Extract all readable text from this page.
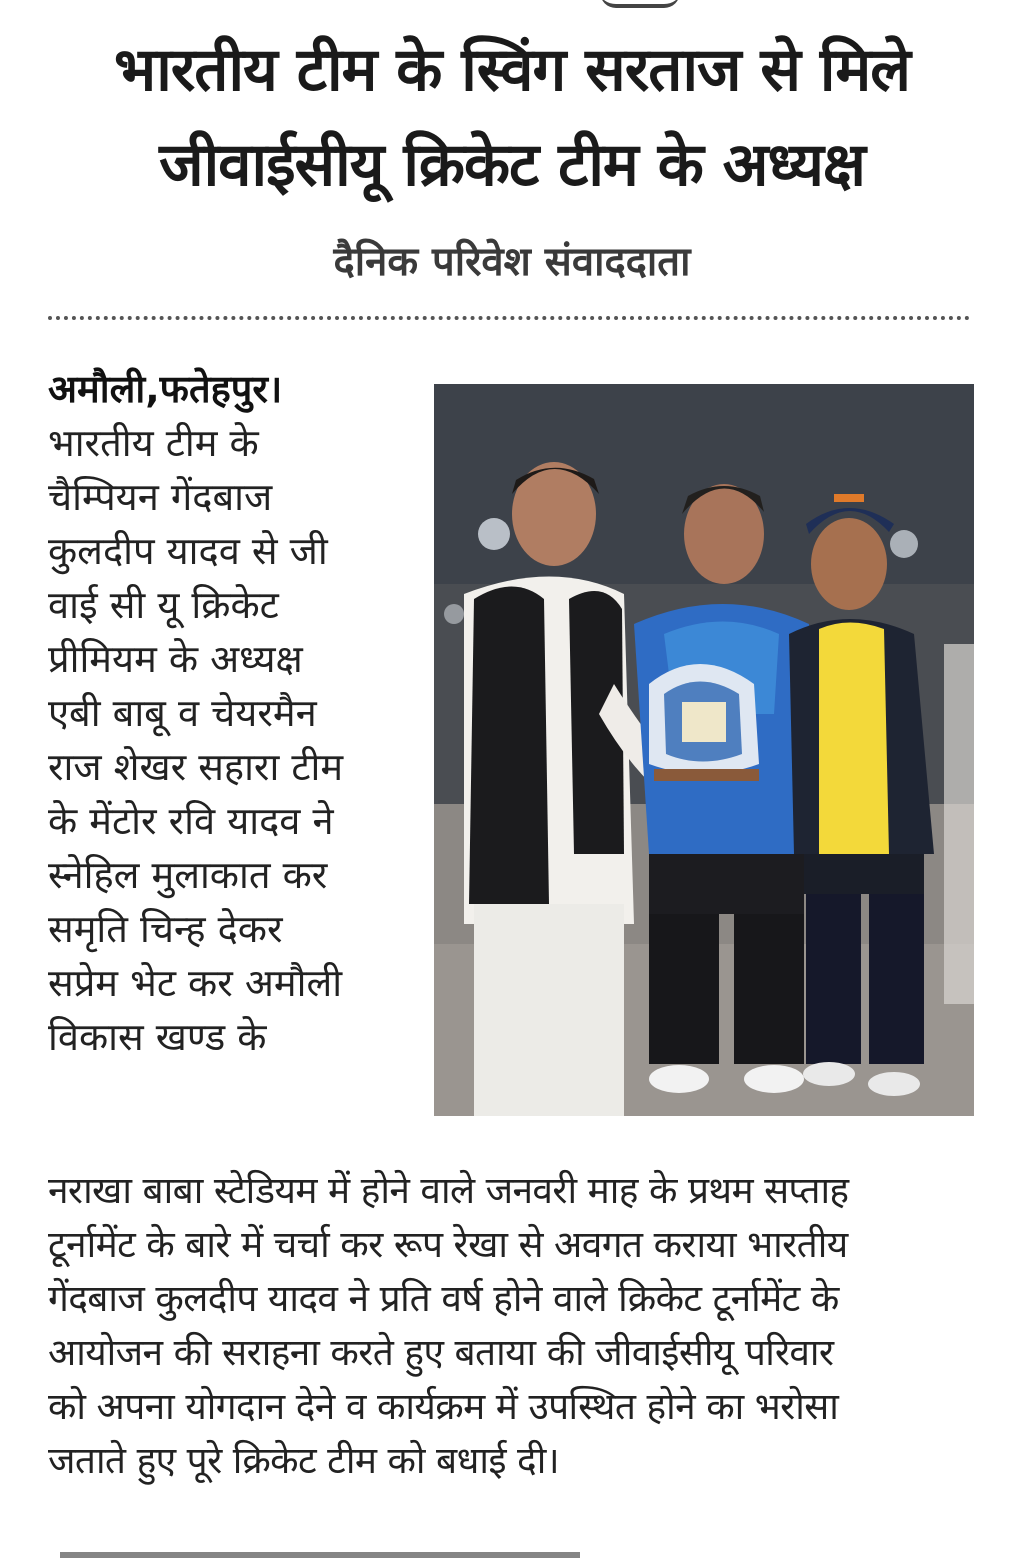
भारतीय टीम के स्विंग सरताज से मिले
जीवाईसीयू क्रिकेट टीम के अध्यक्ष
दैनिक परिवेश संवाददाता
अमौली,फतेहपुर।
भारतीय टीम के
चैम्पियन गेंदबाज
कुलदीप यादव से जी
वाई सी यू क्रिकेट
प्रीमियम के अध्यक्ष
एबी बाबू व चेयरमैन
राज शेखर सहारा टीम
के मेंटोर रवि यादव ने
स्नेहिल मुलाकात कर
समृति चिन्ह देकर
सप्रेम भेट कर अमौली
विकास खण्ड के
नराखा बाबा स्टेडियम में होने वाले जनवरी माह के प्रथम सप्ताह
टूर्नामेंट के बारे में चर्चा कर रूप रेखा से अवगत कराया भारतीय
गेंदबाज कुलदीप यादव ने प्रति वर्ष होने वाले क्रिकेट टूर्नामेंट के
आयोजन की सराहना करते हुए बताया की जीवाईसीयू परिवार
को अपना योगदान देने व कार्यक्रम में उपस्थित होने का भरोसा
जताते हुए पूरे क्रिकेट टीम को बधाई दी।
